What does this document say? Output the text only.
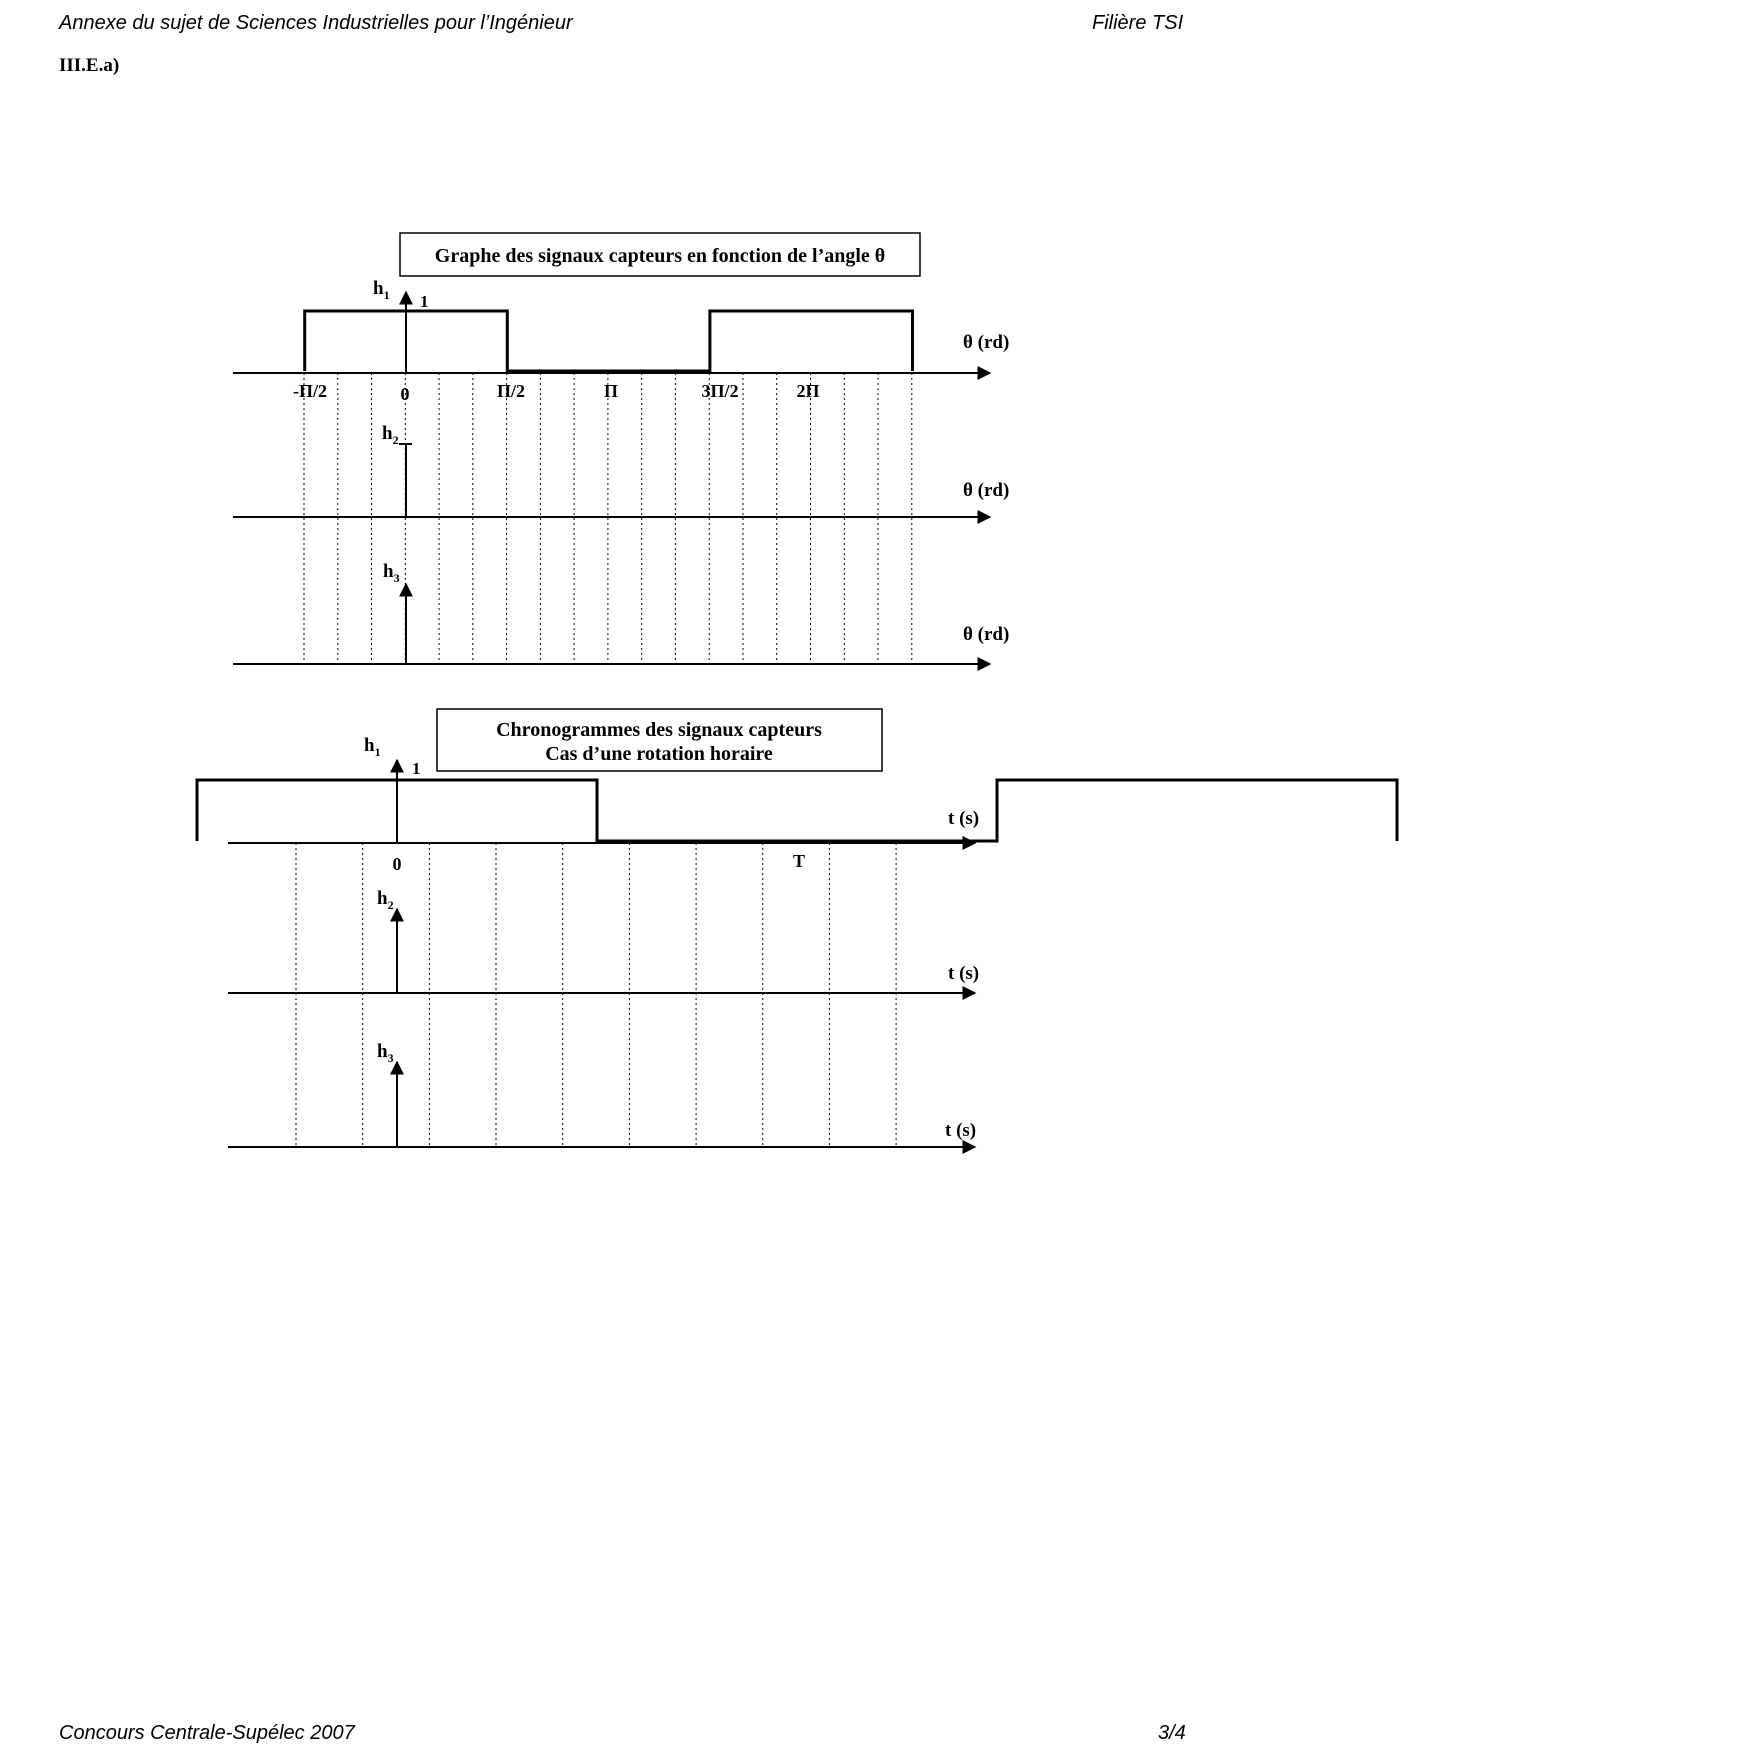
Annexe du sujet de Sciences Industrielles pour l’Ingénieur	Filière TSI
III.E.a)
Graphe des signaux capteurs en fonction de l’angle θ
$h_1$ 1
$h_2$
$h_3$
θ (rd)
θ (rd)
θ (rd)
-Π/2	0	Π/2	Π	3Π/2	2Π
Chronogrammes des signaux capteurs
Cas d’une rotation horaire
$h_1$
1
$h_2$
$h_3$
t (s)
t (s)
t (s)
0	T
Concours Centrale-Supélec 2007	3/4
